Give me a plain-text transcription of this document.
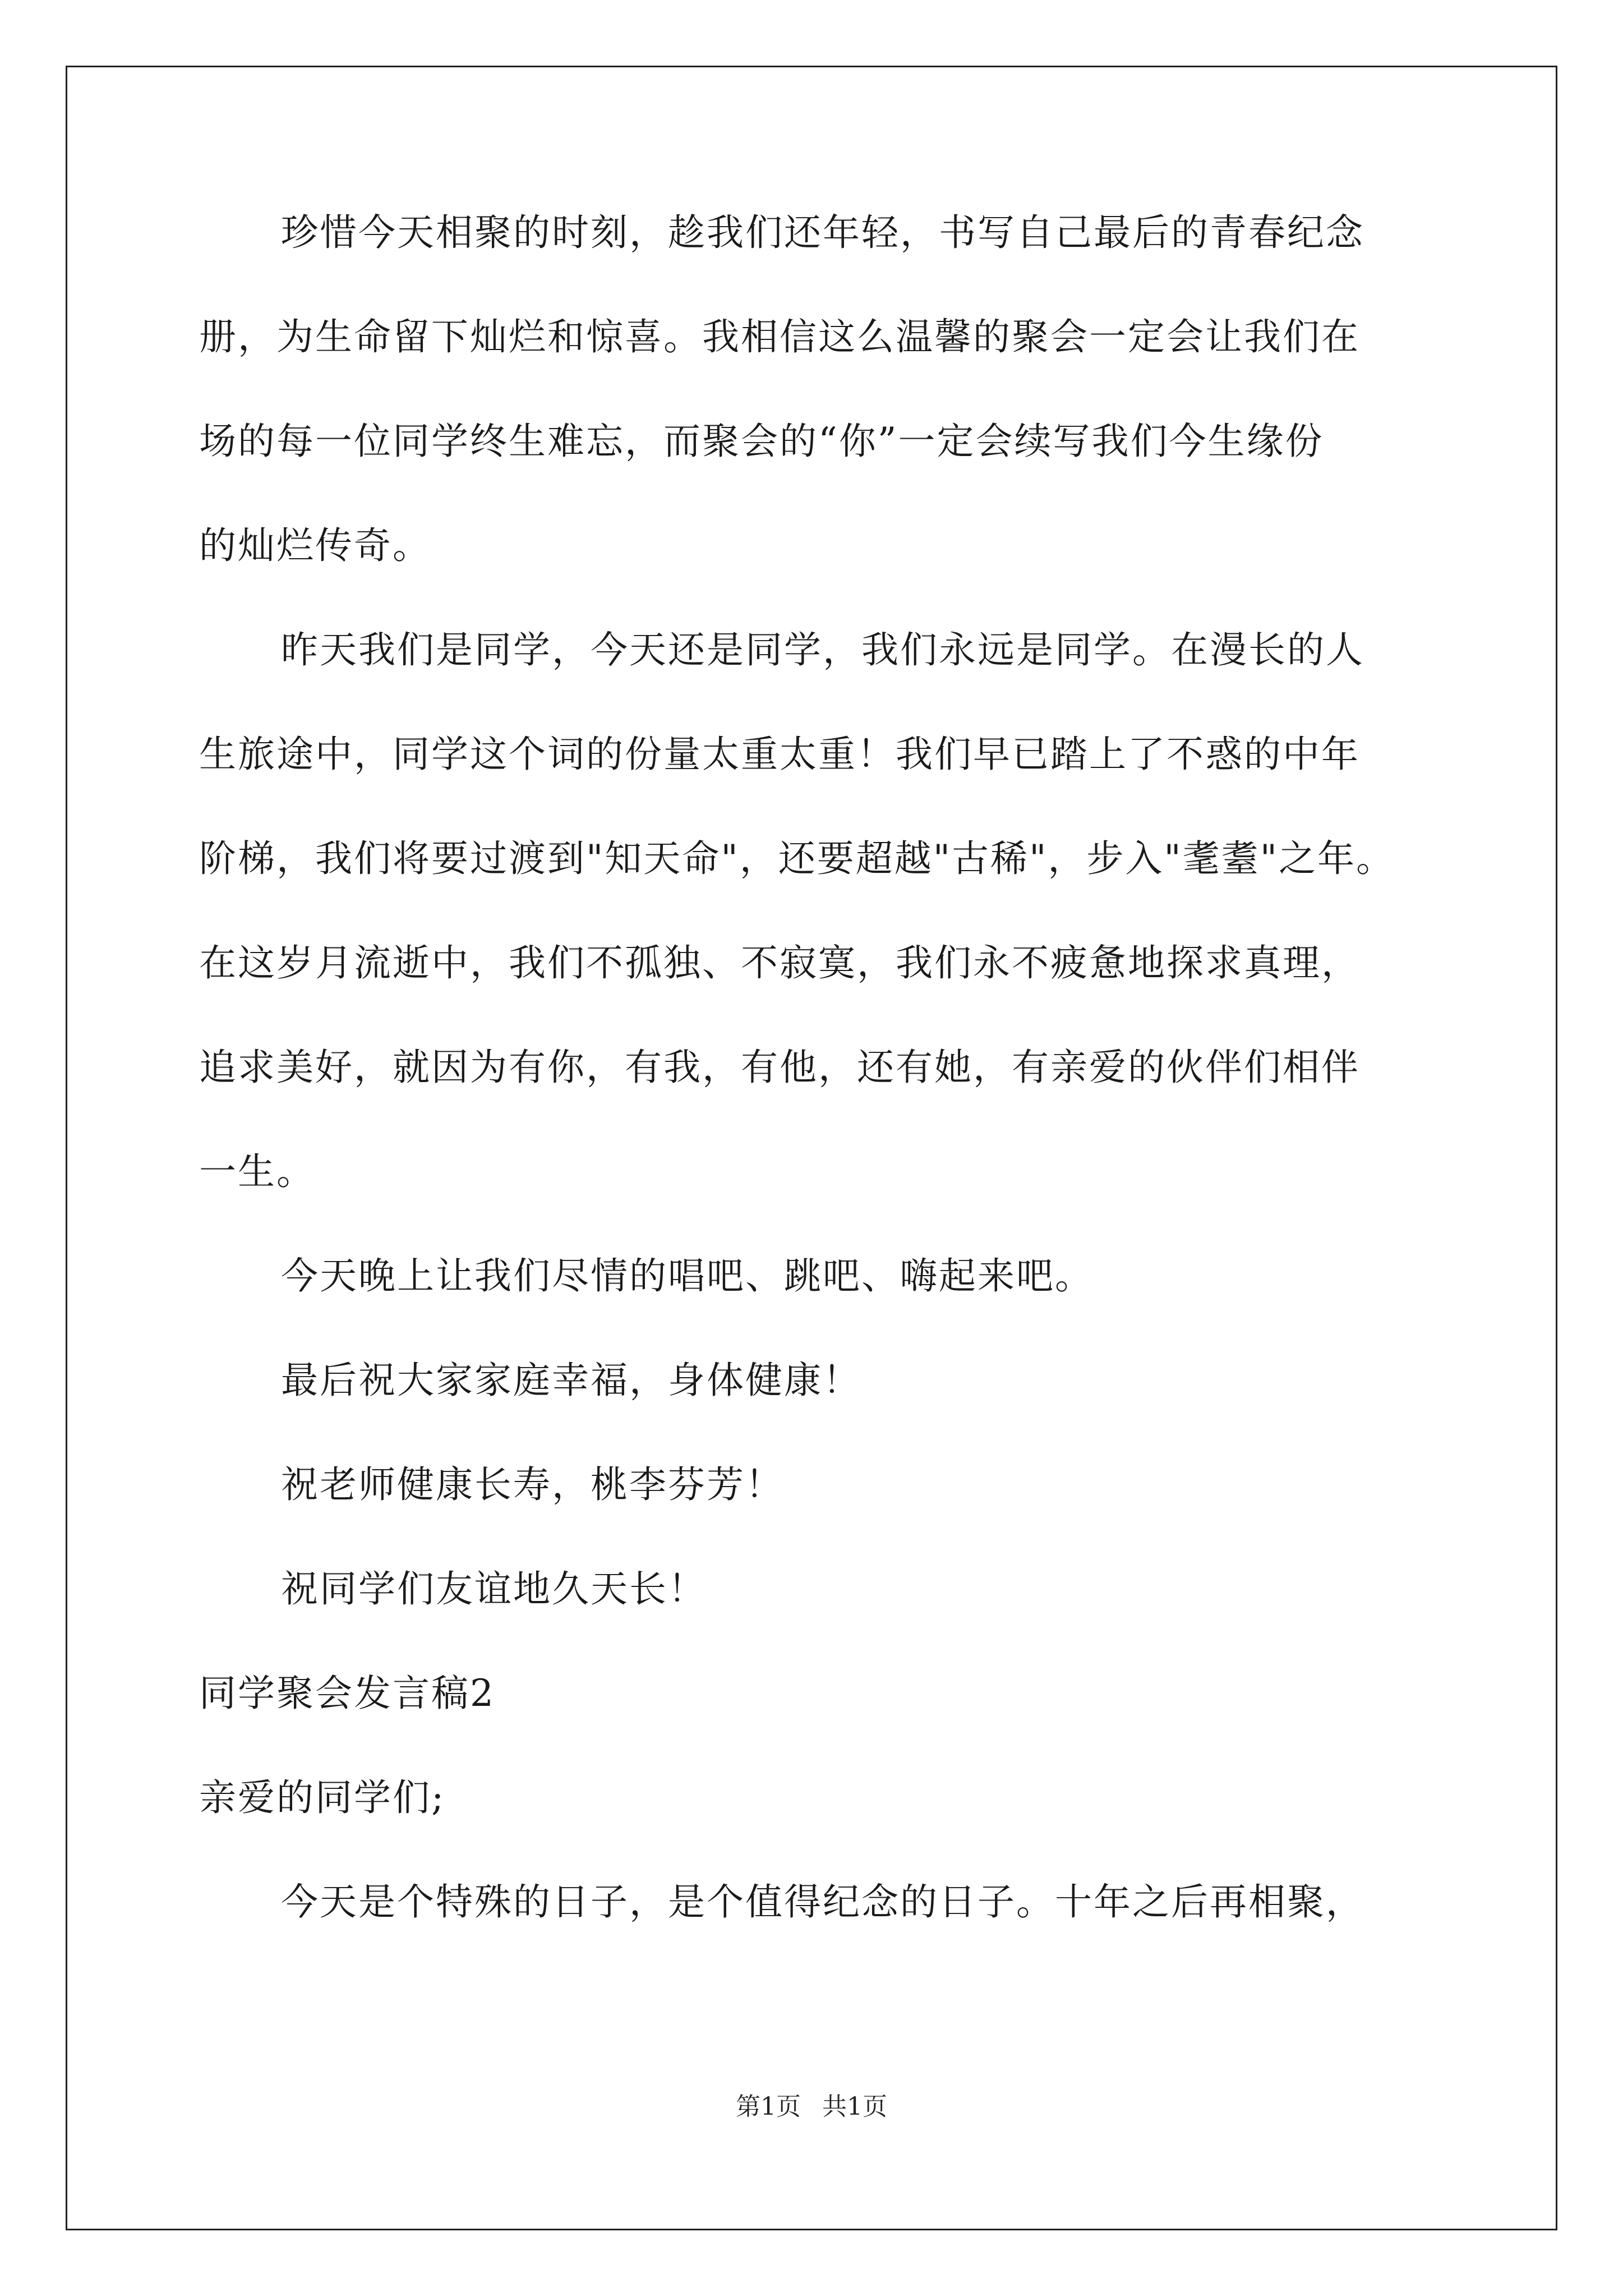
珍惜今天相聚的时刻，趁我们还年轻，书写自己最后的青春纪念
册，为生命留下灿烂和惊喜。我相信这么温馨的聚会一定会让我们在
场的每一位同学终生难忘，而聚会的“你”一定会续写我们今生缘份
的灿烂传奇。
昨天我们是同学，今天还是同学，我们永远是同学。在漫长的人
生旅途中，同学这个词的份量太重太重！我们早已踏上了不惑的中年
阶梯，我们将要过渡到"知天命"，还要超越"古稀"，步入"耄耋"之年。
在这岁月流逝中，我们不孤独、不寂寞，我们永不疲惫地探求真理，
追求美好，就因为有你，有我，有他，还有她，有亲爱的伙伴们相伴
一生。
今天晚上让我们尽情的唱吧、跳吧、嗨起来吧。
最后祝大家家庭幸福，身体健康！
祝老师健康长寿，桃李芬芳！
祝同学们友谊地久天长！
同学聚会发言稿2
亲爱的同学们;
今天是个特殊的日子，是个值得纪念的日子。十年之后再相聚，
第1页 共1页
